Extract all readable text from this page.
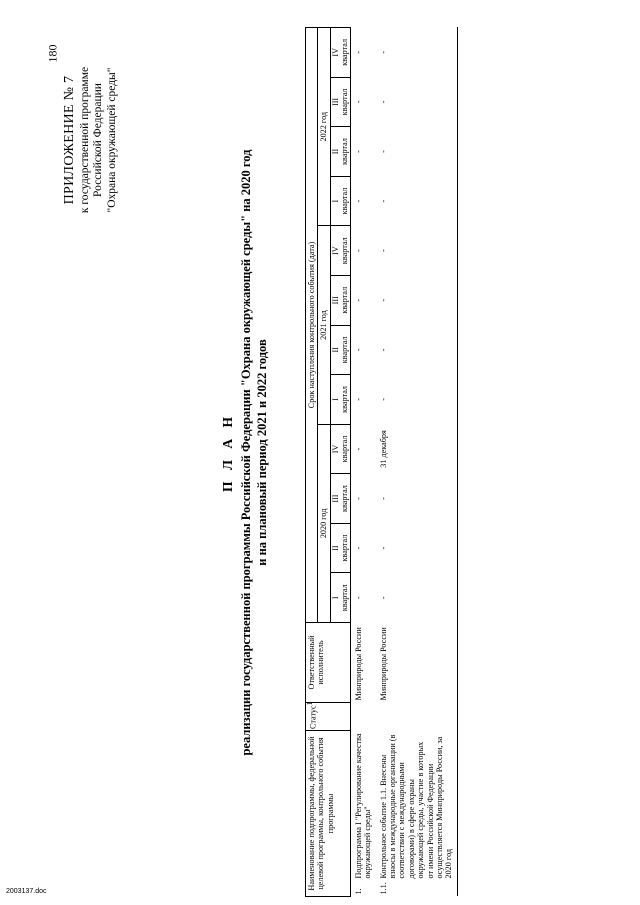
180
ПРИЛОЖЕНИЕ № 7 к государственной программе Российской Федерации "Охрана окружающей среды"
П Л А Н реализации государственной программы Российской Федерации "Охрана окружающей среды" на 2020 год и на плановый период 2021 и 2022 годов
Наименование подпрограммы, федеральной целевой программы, контрольного события программы	Статус$^1$	Ответственный исполнитель	Срок наступления контрольного события (дата)											
			2020 год				2021 год				2022 год			
			I
квартал	II
квартал	III
квартал	IV
квартал	I
квартал	II
квартал	III
квартал	IV
квартал	I
квартал	II
квартал	III
квартал	IV
квартал

1.
Подпрограмма I "Регулирование качества окружающей среды"		Минприроды России	-	-	-	-	-	-	-	-	-	-	-	-

1.1.
Контрольное событие 1.1. Внесены взносы в международные организации (в соответствии с международными договорами) в сфере охраны окружающей среды, участие в которых от имени Российской Федерации осуществляется Минприроды России, за 2020 год		Минприроды России	-	-	-	31 декабря	-	-	-	-	-	-	-	-
2003137.doc
